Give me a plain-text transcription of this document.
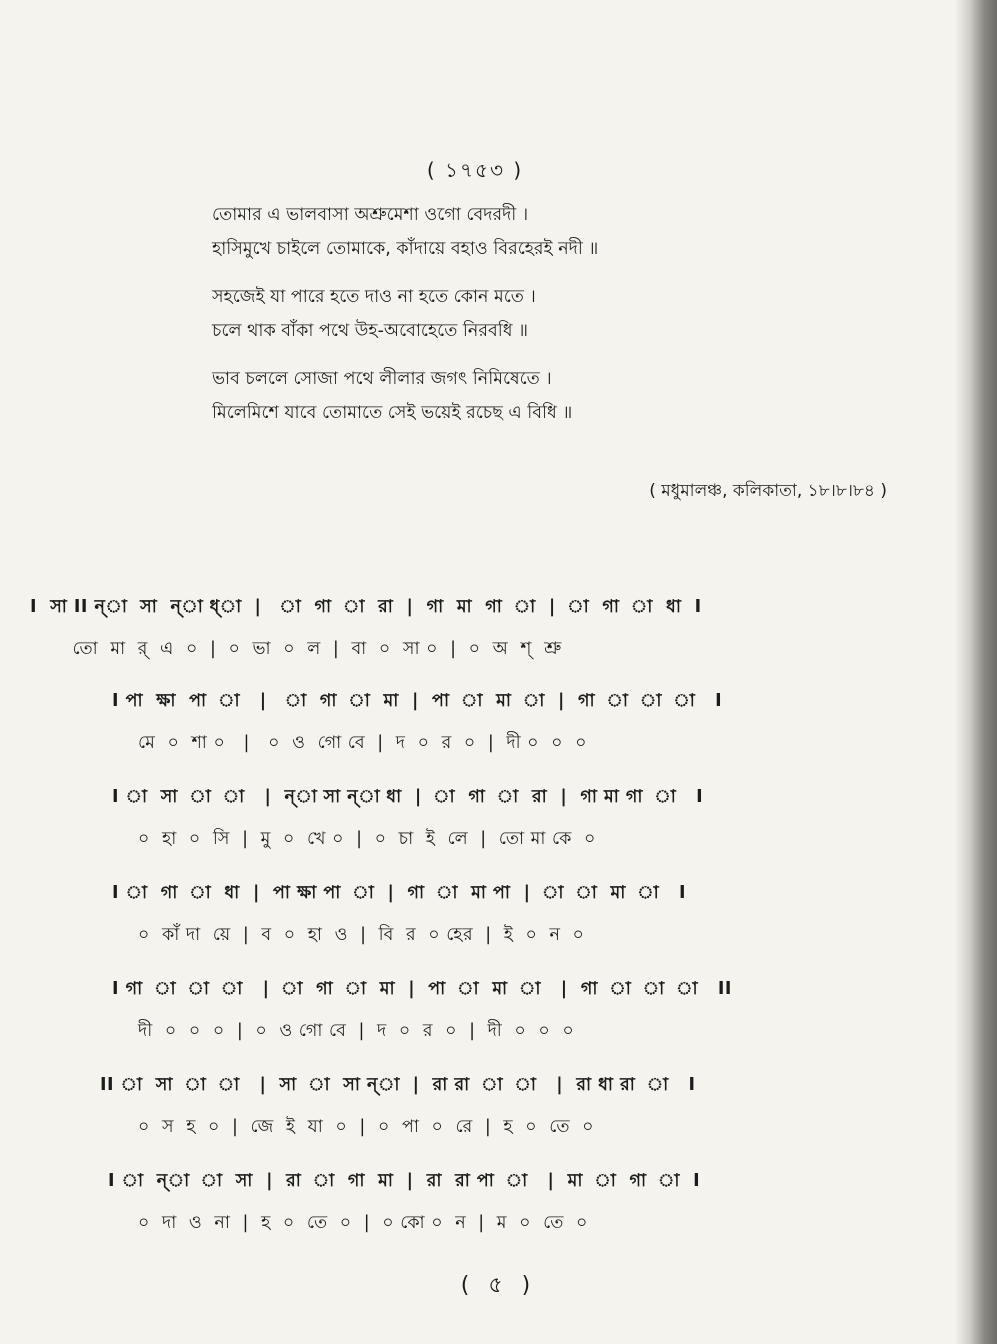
( ১৭৫৩ )
তোমার এ ভালবাসা অশ্রুমেশা ওগো বেদরদী ।
হাসিমুখে চাইলে তোমাকে, কাঁদায়ে বহাও বিরহেরই নদী ॥
সহজেই যা পারে হতে দাও না হতে কোন মতে ।
চলে থাক বাঁকা পথে উহ-অবোহেতে নিরবধি ॥
ভাব চললে সোজা পথে লীলার জগৎ নিমিষেতে ।
মিলেমিশে যাবে তোমাতে সেই ভয়েই রচেছ এ বিধি ॥
( মধুমালঞ্চ, কলিকাতা, ১৮।৮।৮৪ )
I  সা II ন্‌া  সা  ন্‌া ধ্‌া  |   া  গা  া  রা  |  গা  মা  গা  া  |  া  গা  া  ধা  I
তো  মা  র্‌  এ  ০  |  ০  ভা  ০  ল  |  বা  ০  সা ০  |  ০  অ  শ্‌  শ্রু
I পা  ক্ষা  পা  া   |   া  গা  া  মা  |  পা  া  মা  া  |  গা  া  া  া   I
মে  ০  শা ০   |   ০  ও  গো বে  |  দ  ০  র  ০  |  দী ০  ০  ০
I া  সা  া  া   |  ন্‌া সা ন্‌া ধা  |  া  গা  া  রা  |  গা মা গা  া   I
০  হা  ০  সি  |  মু  ০  খে ০  |  ০  চা  ই  লে  |  তো মা কে  ০
I া  গা  া  ধা  |  পা ক্ষা পা  া  |  গা  া  মা পা  |  া  া  মা  া   I
০  কাঁ দা  য়ে  |  ব  ০  হা  ও  |  বি  র  ০ হের  |  ই  ০  ন  ০
I গা  া  া  া   |  া  গা  া  মা  |  পা  া  মা  া   |  গা  া  া  া   II
দী  ০  ০  ০  |  ০  ও গো বে  |  দ  ০  র  ০  |  দী  ০  ০  ০
II া  সা  া  া   |  সা  া  সা ন্‌া  |  রা রা  া  া   |  রা ধা রা  া   I
০  স  হ  ০  |  জে  ই  যা  ০  |  ০  পা  ০  রে  |  হ  ০  তে  ০
I া  ন্‌া  া  সা  |  রা  া  গা  মা  |  রা  রা পা  া   |  মা  া  গা  া  I
০  দা  ও  না  |  হ  ০  তে  ০  |  ০ কো ০  ন  |  ম  ০  তে  ০
( ৫ )
